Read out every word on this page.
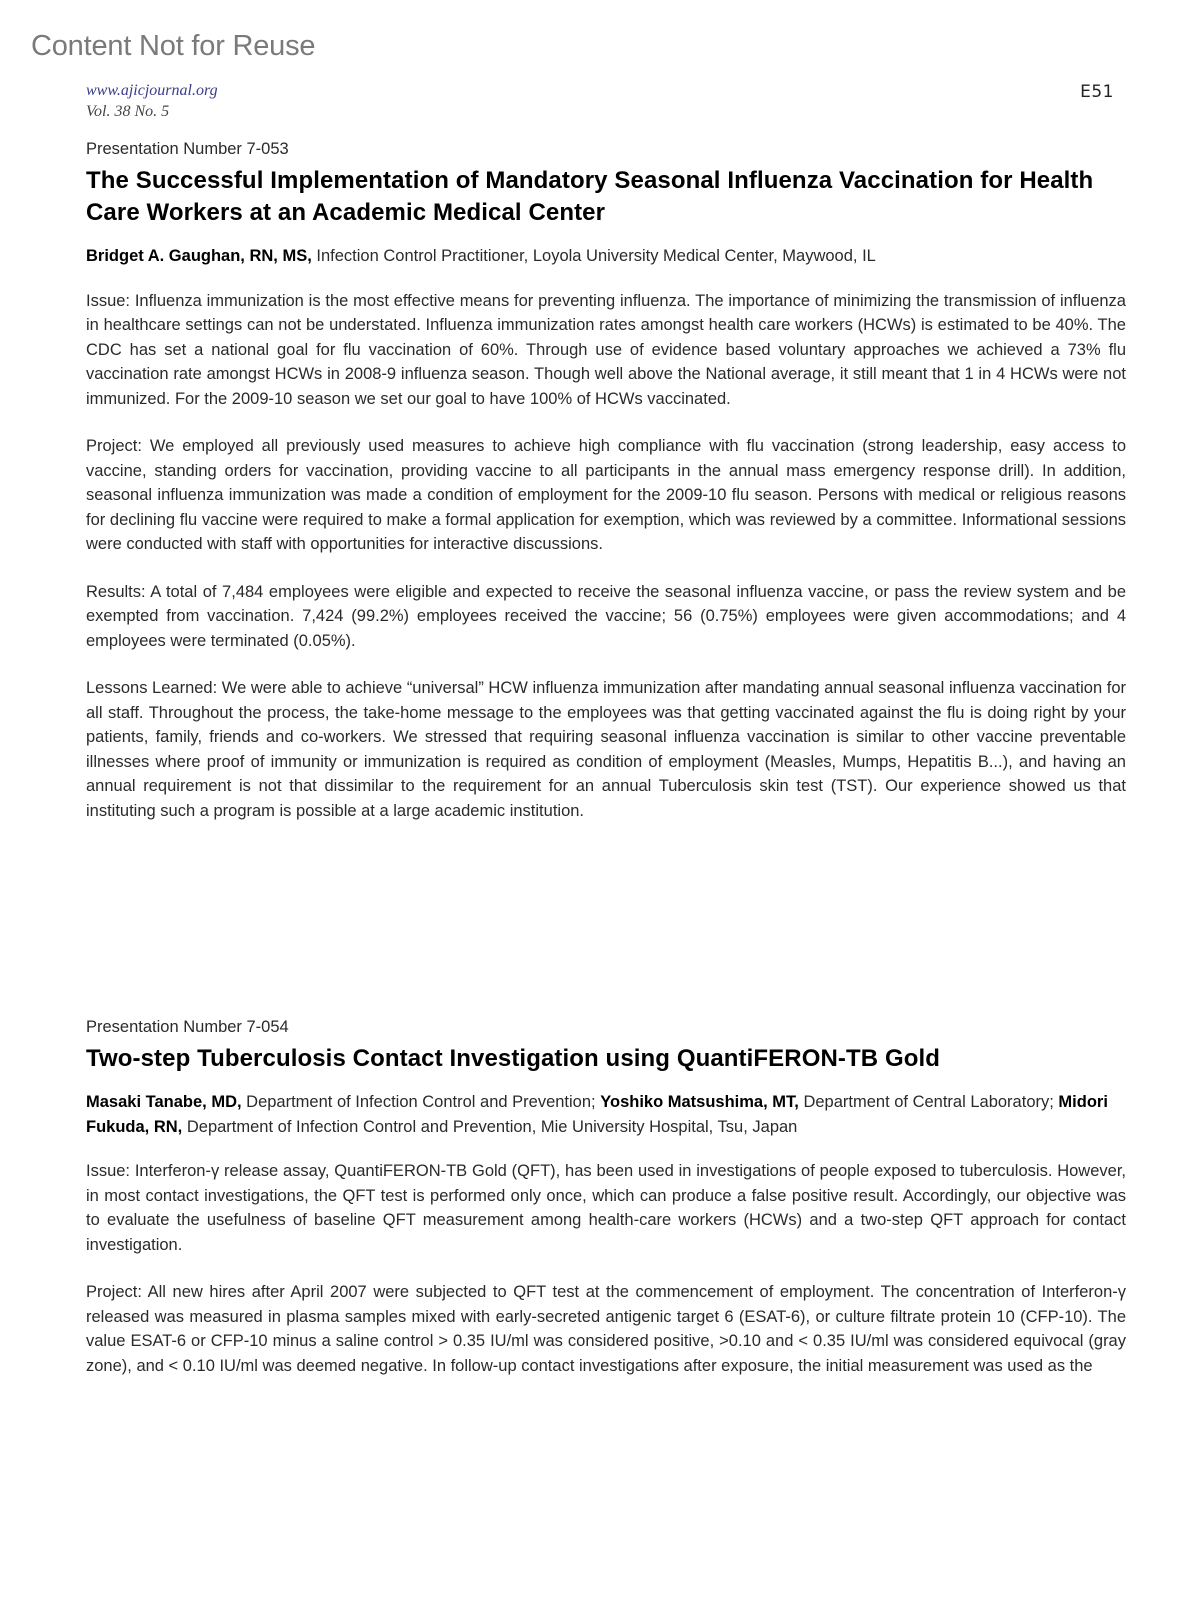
Content Not for Reuse
www.ajicjournal.org
Vol. 38 No. 5
E51
Presentation Number 7-053
The Successful Implementation of Mandatory Seasonal Influenza Vaccination for Health Care Workers at an Academic Medical Center

Bridget A. Gaughan, RN, MS, Infection Control Practitioner, Loyola University Medical Center, Maywood, IL

Issue: Influenza immunization is the most effective means for preventing influenza. The importance of minimizing the transmission of influenza in healthcare settings can not be understated. Influenza immunization rates amongst health care workers (HCWs) is estimated to be 40%. The CDC has set a national goal for flu vaccination of 60%. Through use of evidence based voluntary approaches we achieved a 73% flu vaccination rate amongst HCWs in 2008-9 influenza season. Though well above the National average, it still meant that 1 in 4 HCWs were not immunized. For the 2009-10 season we set our goal to have 100% of HCWs vaccinated.

Project: We employed all previously used measures to achieve high compliance with flu vaccination (strong leadership, easy access to vaccine, standing orders for vaccination, providing vaccine to all participants in the annual mass emergency response drill). In addition, seasonal influenza immunization was made a condition of employment for the 2009-10 flu season. Persons with medical or religious reasons for declining flu vaccine were required to make a formal application for exemption, which was reviewed by a committee. Informational sessions were conducted with staff with opportunities for interactive discussions.

Results: A total of 7,484 employees were eligible and expected to receive the seasonal influenza vaccine, or pass the review system and be exempted from vaccination. 7,424 (99.2%) employees received the vaccine; 56 (0.75%) employees were given accommodations; and 4 employees were terminated (0.05%).

Lessons Learned: We were able to achieve “universal” HCW influenza immunization after mandating annual seasonal influenza vaccination for all staff. Throughout the process, the take-home message to the employees was that getting vaccinated against the flu is doing right by your patients, family, friends and co-workers. We stressed that requiring seasonal influenza vaccination is similar to other vaccine preventable illnesses where proof of immunity or immunization is required as condition of employment (Measles, Mumps, Hepatitis B...), and having an annual requirement is not that dissimilar to the requirement for an annual Tuberculosis skin test (TST). Our experience showed us that instituting such a program is possible at a large academic institution.

Presentation Number 7-054
Two-step Tuberculosis Contact Investigation using QuantiFERON-TB Gold

Masaki Tanabe, MD, Department of Infection Control and Prevention; Yoshiko Matsushima, MT, Department of Central Laboratory; Midori Fukuda, RN, Department of Infection Control and Prevention, Mie University Hospital, Tsu, Japan

Issue: Interferon-γ release assay, QuantiFERON-TB Gold (QFT), has been used in investigations of people exposed to tuberculosis. However, in most contact investigations, the QFT test is performed only once, which can produce a false positive result. Accordingly, our objective was to evaluate the usefulness of baseline QFT measurement among health-care workers (HCWs) and a two-step QFT approach for contact investigation.

Project: All new hires after April 2007 were subjected to QFT test at the commencement of employment. The concentration of Interferon-γ released was measured in plasma samples mixed with early-secreted antigenic target 6 (ESAT-6), or culture filtrate protein 10 (CFP-10). The value ESAT-6 or CFP-10 minus a saline control > 0.35 IU/ml was considered positive, >0.10 and < 0.35 IU/ml was considered equivocal (gray zone), and < 0.10 IU/ml was deemed negative. In follow-up contact investigations after exposure, the initial measurement was used as the
